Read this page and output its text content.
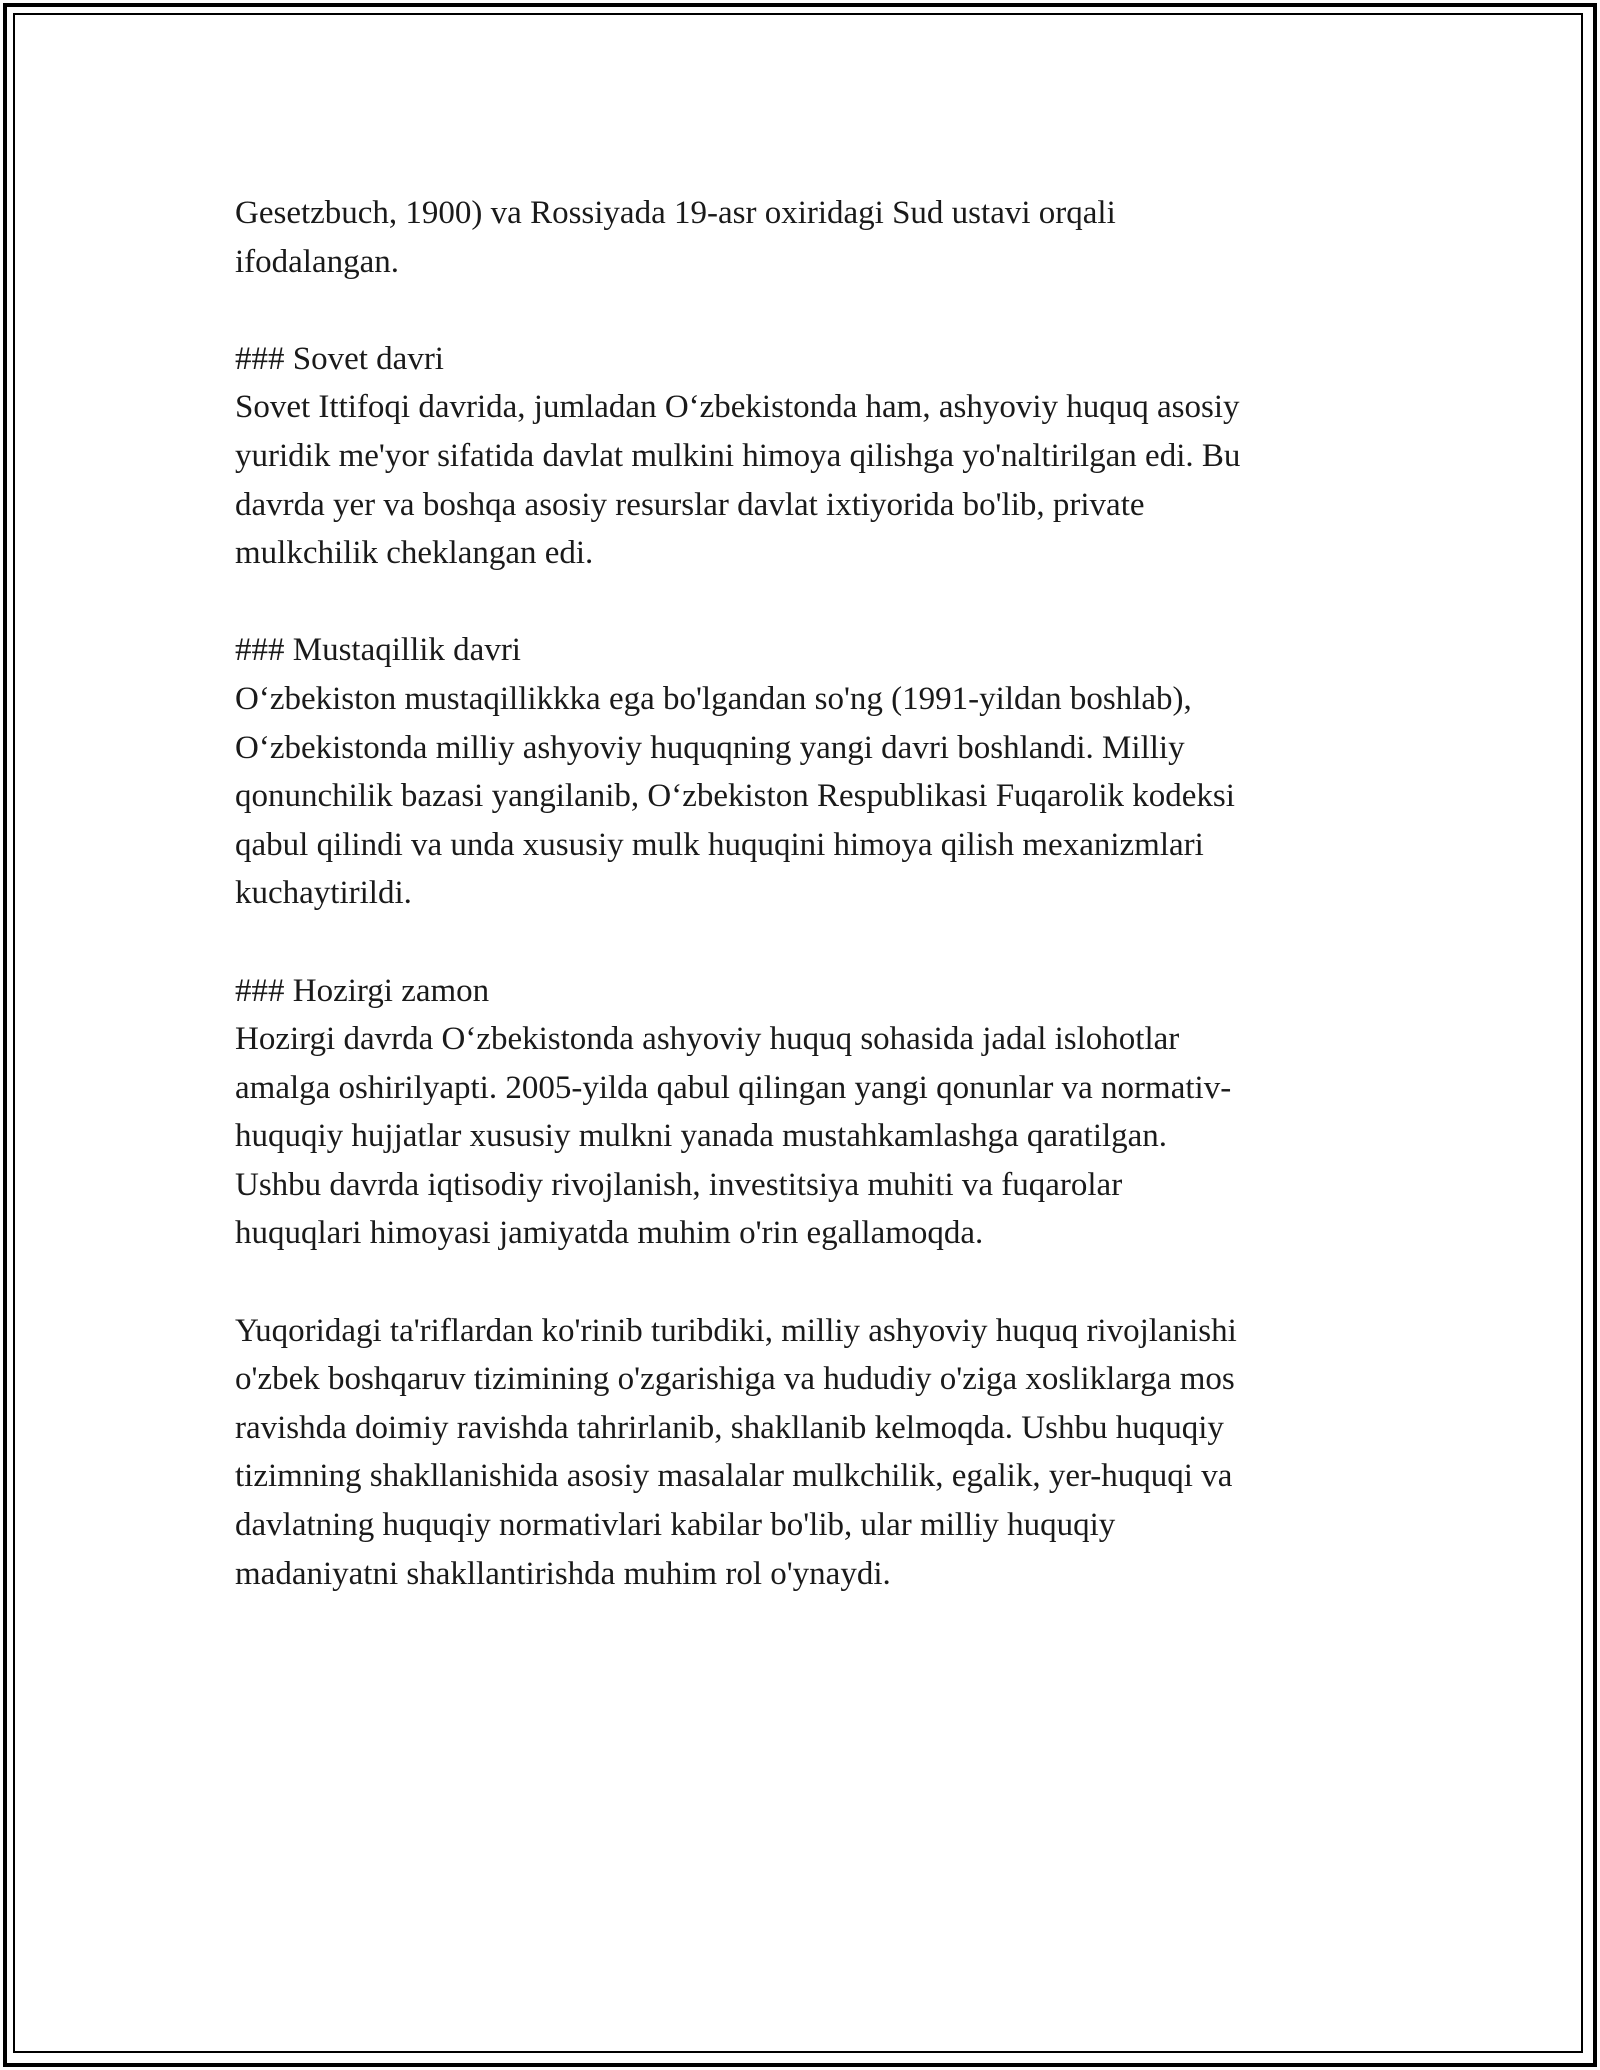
Gesetzbuch, 1900) va Rossiyada 19-asr oxiridagi Sud ustavi orqali
ifodalangan.

### Sovet davri

Sovet Ittifoqi davrida, jumladan O‘zbekistonda ham, ashyoviy huquq asosiy
yuridik me'yor sifatida davlat mulkini himoya qilishga yo'naltirilgan edi. Bu
davrda yer va boshqa asosiy resurslar davlat ixtiyorida bo'lib, private
mulkchilik cheklangan edi.

### Mustaqillik davri

O‘zbekiston mustaqillikkka ega bo'lgandan so'ng (1991-yildan boshlab),
O‘zbekistonda milliy ashyoviy huquqning yangi davri boshlandi. Milliy
qonunchilik bazasi yangilanib, O‘zbekiston Respublikasi Fuqarolik kodeksi
qabul qilindi va unda xususiy mulk huquqini himoya qilish mexanizmlari
kuchaytirildi.

### Hozirgi zamon

Hozirgi davrda O‘zbekistonda ashyoviy huquq sohasida jadal islohotlar
amalga oshirilyapti. 2005-yilda qabul qilingan yangi qonunlar va normativ-
huquqiy hujjatlar xususiy mulkni yanada mustahkamlashga qaratilgan.
Ushbu davrda iqtisodiy rivojlanish, investitsiya muhiti va fuqarolar
huquqlari himoyasi jamiyatda muhim o'rin egallamoqda.

Yuqoridagi ta'riflardan ko'rinib turibdiki, milliy ashyoviy huquq rivojlanishi
o'zbek boshqaruv tizimining o'zgarishiga va hududiy o'ziga xosliklarga mos
ravishda doimiy ravishda tahrirlanib, shakllanib kelmoqda. Ushbu huquqiy
tizimning shakllanishida asosiy masalalar mulkchilik, egalik, yer-huquqi va
davlatning huquqiy normativlari kabilar bo'lib, ular milliy huquqiy
madaniyatni shakllantirishda muhim rol o'ynaydi.
